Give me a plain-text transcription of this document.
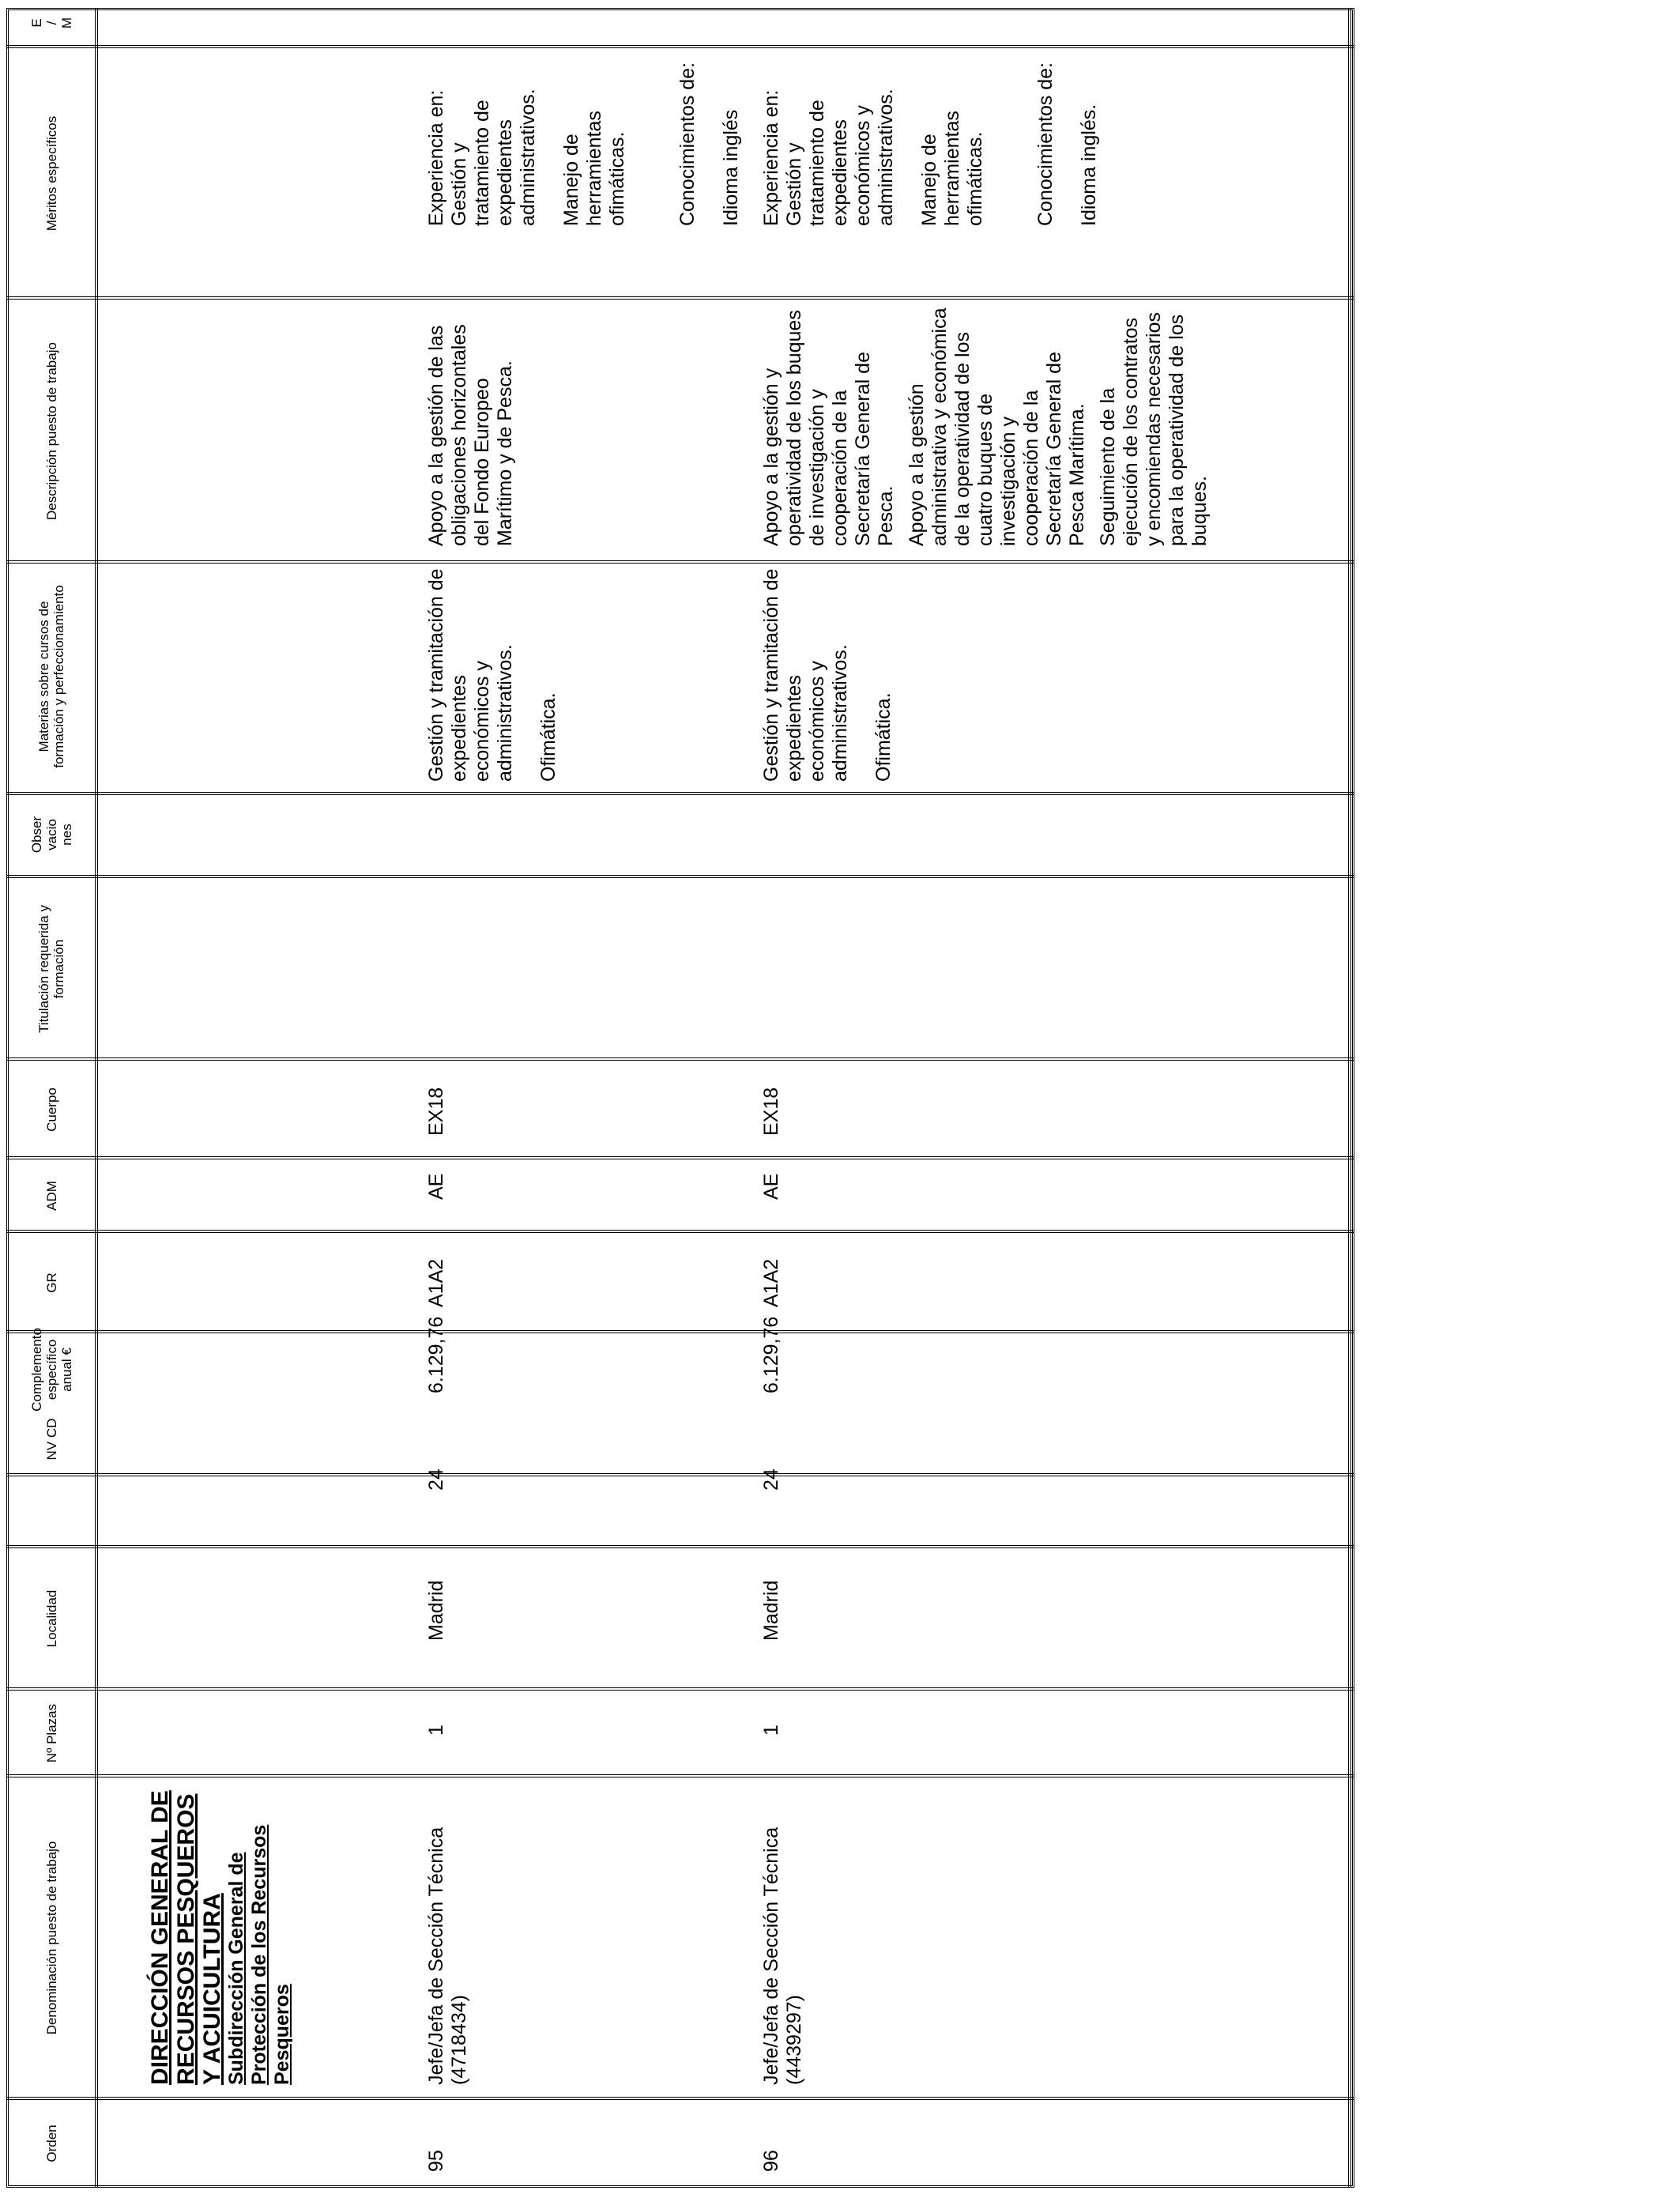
Orden
Denominación puesto de trabajo
Nº Plazas
Localidad
NV CD
Complemento específico anual €
GR
ADM
Cuerpo
Titulación requerida y formación
Obser vacio nes
Materias sobre cursos de formación y perfeccionamiento
Descripción puesto de trabajo
Méritos específicos
E / M

DIRECCIÓN GENERAL DE RECURSOS PESQUEROS Y ACUICULTURA Subdirección General de Protección de los Recursos Pesqueros

95
Jefe/Jefa de Sección Técnica (4718434)
1
Madrid
24
6.129,76
A1A2
AE
EX18

Gestión y tramitación de expedientes económicos y administrativos. Ofimática.

Apoyo a la gestión de las obligaciones horizontales del Fondo Europeo Marítimo y de Pesca.

Experiencia en: Gestión y tratamiento de expedientes administrativos. Manejo de herramientas ofimáticas. Conocimientos de: Idioma inglés

96
Jefe/Jefa de Sección Técnica (4439297)
1
Madrid
24
6.129,76
A1A2
AE
EX18

Gestión y tramitación de expedientes económicos y administrativos. Ofimática.

Apoyo a la gestión y operatividad de los buques de investigación y cooperación de la Secretaría General de Pesca. Apoyo a la gestión administrativa y económica de la operatividad de los cuatro buques de investigación y cooperación de la Secretaría General de Pesca Marítima. Seguimiento de la ejecución de los contratos y encomiendas necesarios para la operatividad de los buques.

Experiencia en: Gestión y tratamiento de expedientes económicos y administrativos. Manejo de herramientas ofimáticas. Conocimientos de: Idioma inglés.
